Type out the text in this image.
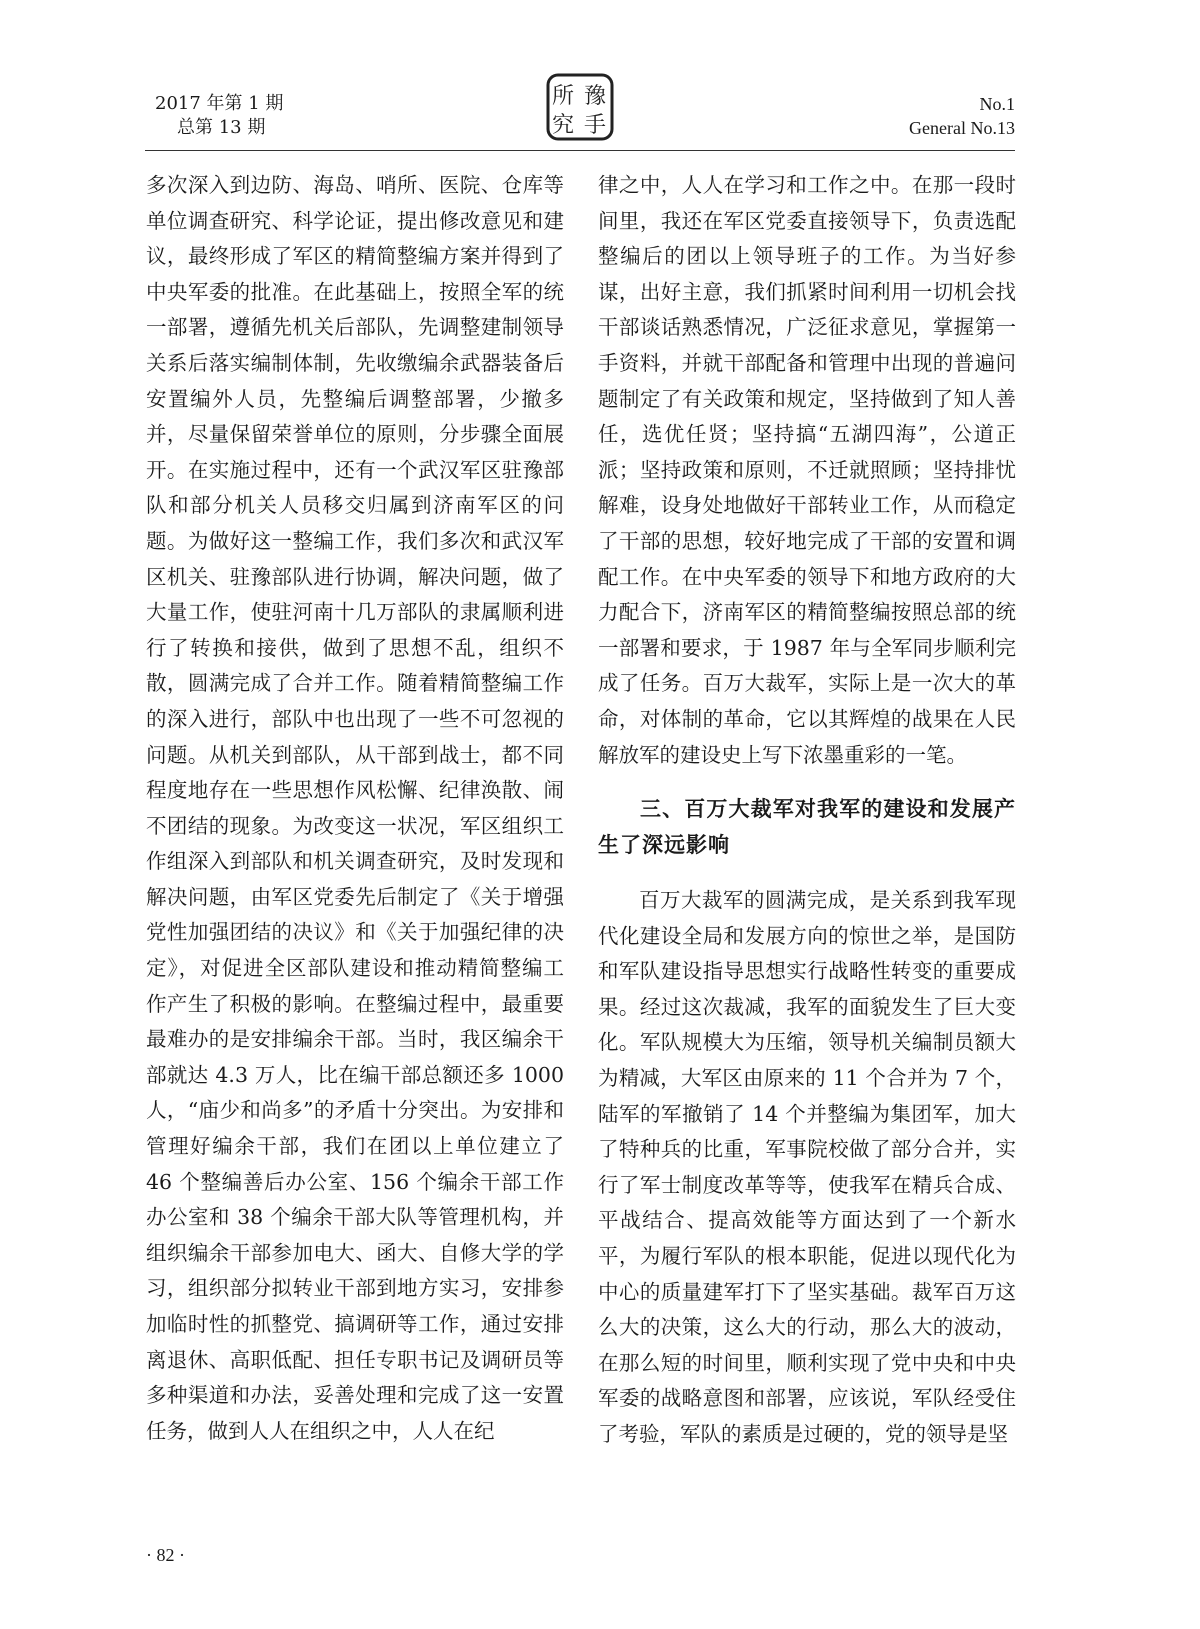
2017 年第 1 期
总第 13 期
所 豫
究 手
No.1
General No.13

多次深入到边防、海岛、哨所、医院、仓库等单位调查研究、科学论证，提出修改意见和建议，最终形成了军区的精简整编方案并得到了中央军委的批准。在此基础上，按照全军的统一部署，遵循先机关后部队，先调整建制领导关系后落实编制体制，先收缴编余武器装备后安置编外人员，先整编后调整部署，少撤多并，尽量保留荣誉单位的原则，分步骤全面展开。在实施过程中，还有一个武汉军区驻豫部队和部分机关人员移交归属到济南军区的问题。为做好这一整编工作，我们多次和武汉军区机关、驻豫部队进行协调，解决问题，做了大量工作，使驻河南十几万部队的隶属顺利进行了转换和接供，做到了思想不乱，组织不散，圆满完成了合并工作。随着精简整编工作的深入进行，部队中也出现了一些不可忽视的问题。从机关到部队，从干部到战士，都不同程度地存在一些思想作风松懈、纪律涣散、闹不团结的现象。为改变这一状况，军区组织工作组深入到部队和机关调查研究，及时发现和解决问题，由军区党委先后制定了《关于增强党性加强团结的决议》和《关于加强纪律的决定》，对促进全区部队建设和推动精简整编工作产生了积极的影响。在整编过程中，最重要最难办的是安排编余干部。当时，我区编余干部就达 4.3 万人，比在编干部总额还多 1000 人，“庙少和尚多”的矛盾十分突出。为安排和管理好编余干部，我们在团以上单位建立了 46 个整编善后办公室、156 个编余干部工作办公室和 38 个编余干部大队等管理机构，并组织编余干部参加电大、函大、自修大学的学习，组织部分拟转业干部到地方实习，安排参加临时性的抓整党、搞调研等工作，通过安排离退休、高职低配、担任专职书记及调研员等多种渠道和办法，妥善处理和完成了这一安置任务，做到人人在组织之中，人人在纪

律之中，人人在学习和工作之中。在那一段时间里，我还在军区党委直接领导下，负责选配整编后的团以上领导班子的工作。为当好参谋，出好主意，我们抓紧时间利用一切机会找干部谈话熟悉情况，广泛征求意见，掌握第一手资料，并就干部配备和管理中出现的普遍问题制定了有关政策和规定，坚持做到了知人善任，选优任贤；坚持搞“五湖四海”，公道正派；坚持政策和原则，不迁就照顾；坚持排忧解难，设身处地做好干部转业工作，从而稳定了干部的思想，较好地完成了干部的安置和调配工作。在中央军委的领导下和地方政府的大力配合下，济南军区的精简整编按照总部的统一部署和要求，于 1987 年与全军同步顺利完成了任务。百万大裁军，实际上是一次大的革命，对体制的革命，它以其辉煌的战果在人民解放军的建设史上写下浓墨重彩的一笔。

三、百万大裁军对我军的建设和发展产生了深远影响

百万大裁军的圆满完成，是关系到我军现代化建设全局和发展方向的惊世之举，是国防和军队建设指导思想实行战略性转变的重要成果。经过这次裁减，我军的面貌发生了巨大变化。军队规模大为压缩，领导机关编制员额大为精减，大军区由原来的 11 个合并为 7 个，陆军的军撤销了 14 个并整编为集团军，加大了特种兵的比重，军事院校做了部分合并，实行了军士制度改革等等，使我军在精兵合成、平战结合、提高效能等方面达到了一个新水平，为履行军队的根本职能，促进以现代化为中心的质量建军打下了坚实基础。裁军百万这么大的决策，这么大的行动，那么大的波动，在那么短的时间里，顺利实现了党中央和中央军委的战略意图和部署，应该说，军队经受住了考验，军队的素质是过硬的，党的领导是坚

· 82 ·
